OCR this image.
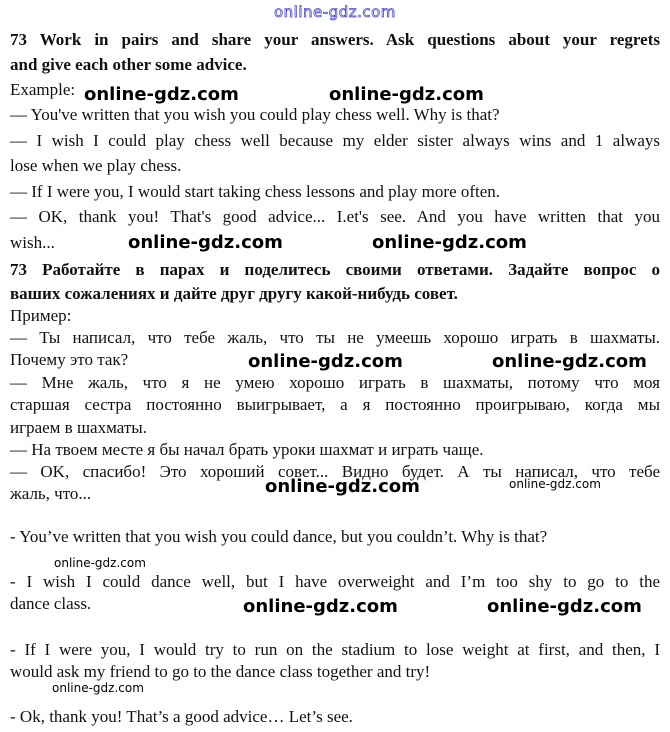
online-gdz.com
73 Work in pairs and share your answers. Ask questions about your regrets
and give each other some advice.
Example:
— You've written that you wish you could play chess well. Why is that?
— I wish I could play chess well because my elder sister always wins and 1 always
lose when we play chess.
— If I were you, I would start taking chess lessons and play more often.
— OK, thank you! That's good advice... I.et's see. And you have written that you
wish...
73 Работайте в парах и поделитесь своими ответами. Задайте вопрос о
ваших сожалениях и дайте друг другу какой-нибудь совет.
Пример:
— Ты написал, что тебе жаль, что ты не умеешь хорошо играть в шахматы.
Почему это так?
— Мне жаль, что я не умею хорошо играть в шахматы, потому что моя
старшая сестра постоянно выигрывает, а я постоянно проигрываю, когда мы
играем в шахматы.
— На твоем месте я бы начал брать уроки шахмат и играть чаще.
— OK, спасибо! Это хороший совет... Видно будет. А ты написал, что тебе
жаль, что...
- You’ve written that you wish you could dance, but you couldn’t. Why is that?
- I wish I could dance well, but I have overweight and I’m too shy to go to the
dance class.
- If I were you, I would try to run on the stadium to lose weight at first, and then, I
would ask my friend to go to the dance class together and try!
- Ok, thank you! That’s a good advice… Let’s see.
online-gdz.com	online-gdz.com
online-gdz.com	online-gdz.com
online-gdz.com	online-gdz.com
online-gdz.com
online-gdz.com	online-gdz.com
online-gdz.com
online-gdz.com
online-gdz.com
